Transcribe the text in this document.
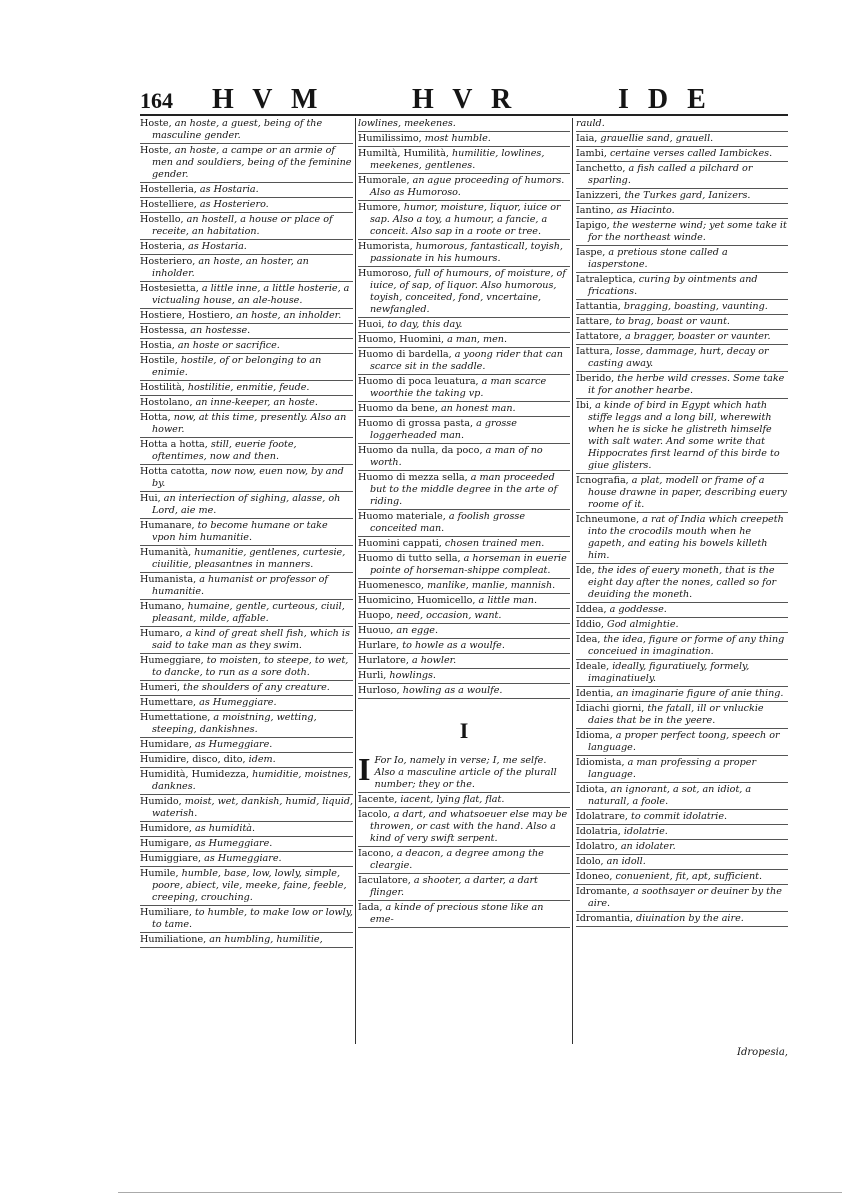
164 H V M	H V R	I D E
Hoste, an hoste, a guest, being of the masculine gender.
Hoste, an hoste, a campe or an armie of men and souldiers, being of the feminine gender.
Hostelleria, as Hostaria.
Hostelliere, as Hosteriero.
Hostello, an hostell, a house or place of receite, an habitation.
Hosteria, as Hostaria.
Hosteriero, an hoste, an hoster, an inholder.
Hostesietta, a little inne, a little hosterie, a victualing house, an ale-house.
Hostiere, Hostiero, an hoste, an inholder.
Hostessa, an hostesse.
Hostia, an hoste or sacrifice.
Hostile, hostile, of or belonging to an enimie.
Hostilità, hostilitie, enmitie, feude.
Hostolano, an inne-keeper, an hoste.
Hotta, now, at this time, presently. Also an hower.
Hotta a hotta, still, euerie foote, oftentimes, now and then.
Hotta catotta, now now, euen now, by and by.
Hui, an interiection of sighing, alasse, oh Lord, aie me.
Humanare, to become humane or take vpon him humanitie.
Humanità, humanitie, gentlenes, curtesie, ciuilitie, pleasantnes in manners.
Humanista, a humanist or professor of humanitie.
Humano, humaine, gentle, curteous, ciuil, pleasant, milde, affable.
Humaro, a kind of great shell fish, which is said to take man as they swim.
Humeggiare, to moisten, to steepe, to wet, to dancke, to run as a sore doth.
Humeri, the shoulders of any creature.
Humettare, as Humeggiare.
Humettatione, a moistning, wetting, steeping, dankishnes.
Humidare, as Humeggiare.
Humidire, disco, dito, idem.
Humidità, Humidezza, humiditie, moistnes, danknes.
Humido, moist, wet, dankish, humid, liquid, waterish.
Humidore, as humidità.
Humigare, as Humeggiare.
Humiggiare, as Humeggiare.
Humile, humble, base, low, lowly, simple, poore, abiect, vile, meeke, faine, feeble, creeping, crouching.
Humiliare, to humble, to make low or lowly, to tame.
Humiliatione, an humbling, humilitie,
lowlines, meekenes.
Humilissimo, most humble.
Humiltà, Humilità, humilitie, lowlines, meekenes, gentlenes.
Humorale, an ague proceeding of humors. Also as Humoroso.
Humore, humor, moisture, liquor, iuice or sap. Also a toy, a humour, a fancie, a conceit. Also sap in a roote or tree.
Humorista, humorous, fantasticall, toyish, passionate in his humours.
Humoroso, full of humours, of moisture, of iuice, of sap, of liquor. Also humorous, toyish, conceited, fond, vncertaine, newfangled.
Huoi, to day, this day.
Huomo, Huomini, a man, men.
Huomo di bardella, a yoong rider that can scarce sit in the saddle.
Huomo di poca leuatura, a man scarce woorthie the taking vp.
Huomo da bene, an honest man.
Huomo di grossa pasta, a grosse loggerheaded man.
Huomo da nulla, da poco, a man of no worth.
Huomo di mezza sella, a man proceeded but to the middle degree in the arte of riding.
Huomo materiale, a foolish grosse conceited man.
Huomini cappati, chosen trained men.
Huomo di tutto sella, a horseman in euerie pointe of horseman-shippe compleat.
Huomenesco, manlike, manlie, mannish.
Huomicino, Huomicello, a little man.
Huopo, need, occasion, want.
Huouo, an egge.
Hurlare, to howle as a woulfe.
Hurlatore, a howler.
Hurli, howlings.
Hurloso, howling as a woulfe.
I
I For Io, namely in verse; I, me selfe. Also a masculine article of the plurall number; they or the.
Iacente, iacent, lying flat, flat.
Iacolo, a dart, and whatsoeuer else may be throwen, or cast with the hand. Also a kind of very swift serpent.
Iacono, a deacon, a degree among the cleargie.
Iaculatore, a shooter, a darter, a dart flinger.
Iada, a kinde of precious stone like an eme-
rauld.
Iaia, grauellie sand, grauell.
Iambi, certaine verses called Iambickes.
Ianchetto, a fish called a pilchard or sparling.
Ianizzeri, the Turkes gard, Ianizers.
Iantino, as Hiacinto.
Iapigo, the westerne wind; yet some take it for the northeast winde.
Iaspe, a pretious stone called a iasperstone.
Iatraleptica, curing by ointments and frications.
Iattantia, bragging, boasting, vaunting.
Iattare, to brag, boast or vaunt.
Iattatore, a bragger, boaster or vaunter.
Iattura, losse, dammage, hurt, decay or casting away.
Iberido, the herbe wild cresses. Some take it for another hearbe.
Ibi, a kinde of bird in Egypt which hath stiffe leggs and a long bill, wherewith when he is sicke he glistreth himselfe with salt water. And some write that Hippocrates first learnd of this birde to giue glisters.
Icnografia, a plat, modell or frame of a house drawne in paper, describing euery roome of it.
Ichneumone, a rat of India which creepeth into the crocodils mouth when he gapeth, and eating his bowels killeth him.
Ide, the ides of euery moneth, that is the eight day after the nones, called so for deuiding the moneth.
Iddea, a goddesse.
Iddio, God almightie.
Idea, the idea, figure or forme of any thing conceiued in imagination.
Ideale, ideally, figuratiuely, formely, imaginatiuely.
Identia, an imaginarie figure of anie thing.
Idiachi giorni, the fatall, ill or vnluckie daies that be in the yeere.
Idioma, a proper perfect toong, speech or language.
Idiomista, a man professing a proper language.
Idiota, an ignorant, a sot, an idiot, a naturall, a foole.
Idolatrare, to commit idolatrie.
Idolatria, idolatrie.
Idolatro, an idolater.
Idolo, an idoll.
Idoneo, conuenient, fit, apt, sufficient.
Idromante, a soothsayer or deuiner by the aire.
Idromantia, diuination by the aire.
Idropesia,
